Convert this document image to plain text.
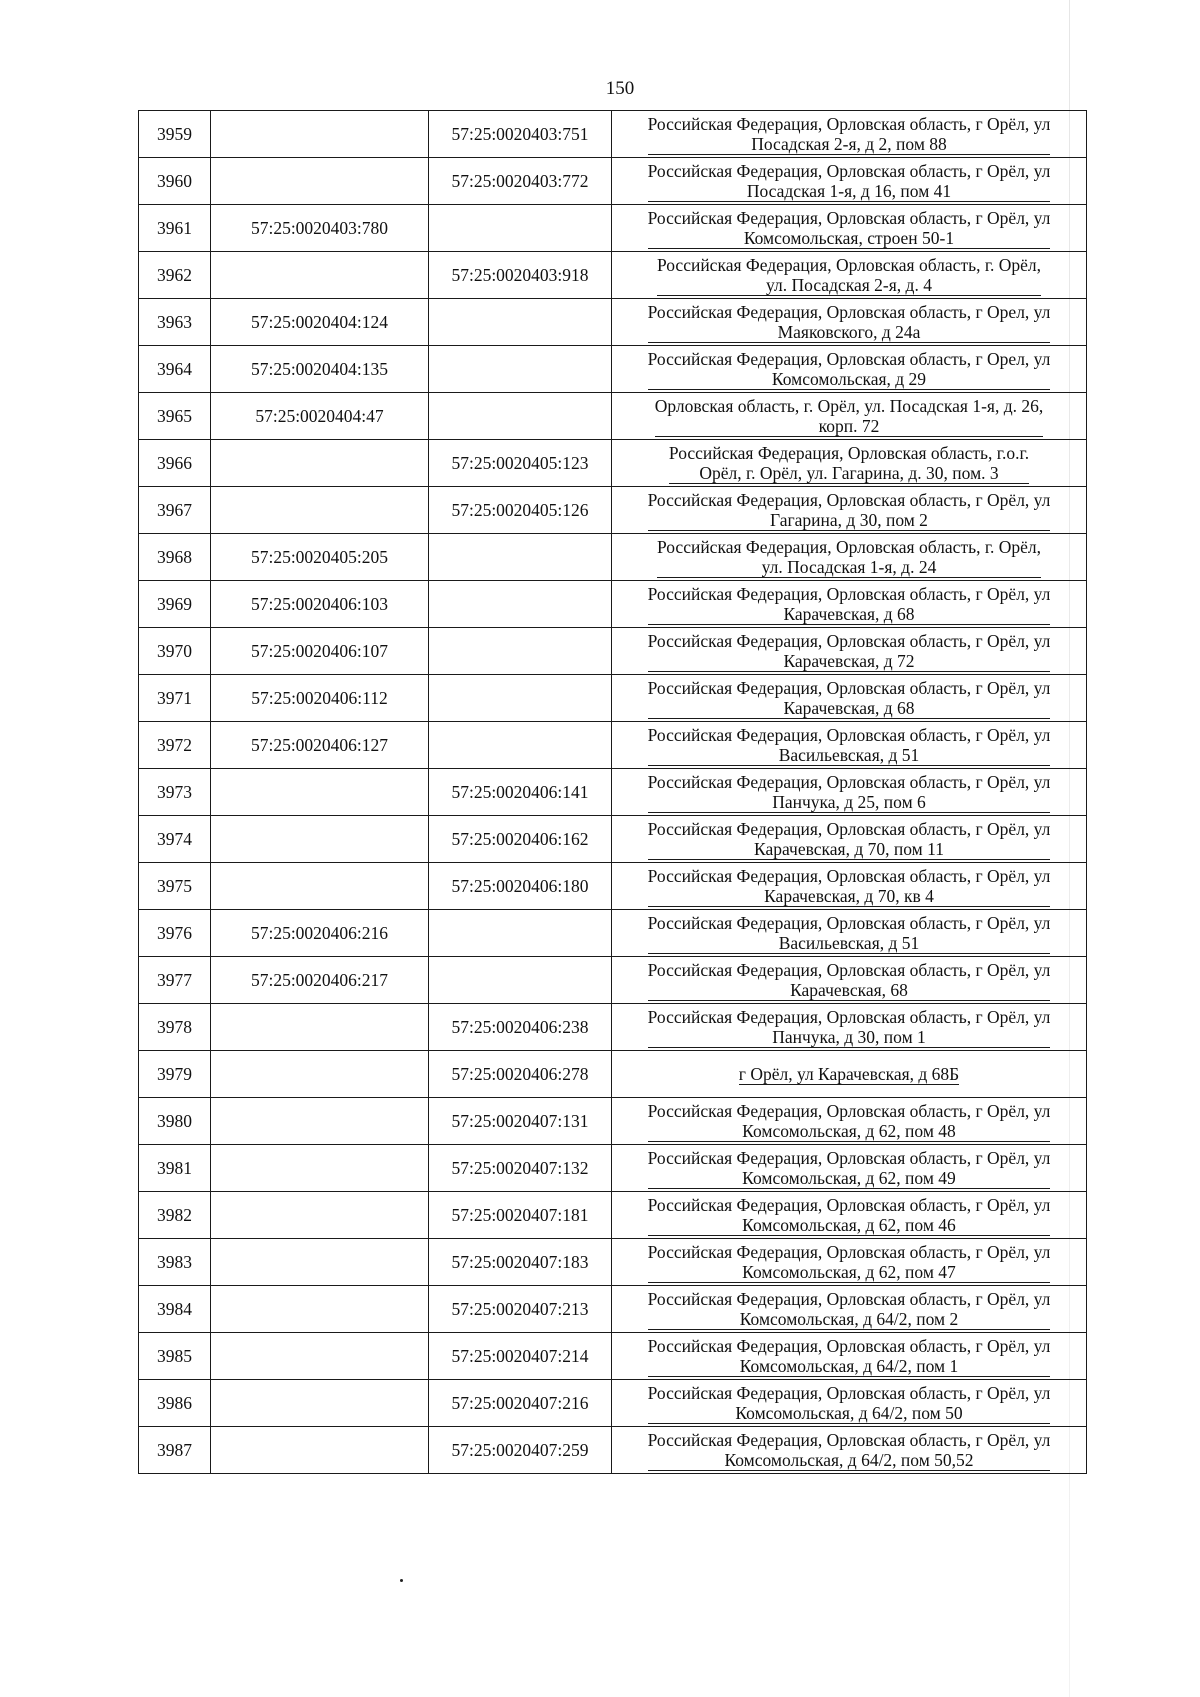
150
3959		57:25:0020403:751	Российская Федерация, Орловская область, г Орёл, ул
Посадская 2-я, д 2, пом 88
3960		57:25:0020403:772	Российская Федерация, Орловская область, г Орёл, ул
Посадская 1-я, д 16, пом 41
3961	57:25:0020403:780		Российская Федерация, Орловская область, г Орёл, ул
Комсомольская, строен 50-1
3962		57:25:0020403:918	Российская Федерация, Орловская область, г. Орёл,
ул. Посадская 2-я, д. 4
3963	57:25:0020404:124		Российская Федерация, Орловская область, г Орел, ул
Маяковского, д 24а
3964	57:25:0020404:135		Российская Федерация, Орловская область, г Орел, ул
Комсомольская, д 29
3965	57:25:0020404:47		Орловская область, г. Орёл, ул. Посадская 1-я, д. 26,
корп. 72
3966		57:25:0020405:123	Российская Федерация, Орловская область, г.о.г.
Орёл, г. Орёл, ул. Гагарина, д. 30, пом. 3
3967		57:25:0020405:126	Российская Федерация, Орловская область, г Орёл, ул
Гагарина, д 30, пом 2
3968	57:25:0020405:205		Российская Федерация, Орловская область, г. Орёл,
ул. Посадская 1-я, д. 24
3969	57:25:0020406:103		Российская Федерация, Орловская область, г Орёл, ул
Карачевская, д 68
3970	57:25:0020406:107		Российская Федерация, Орловская область, г Орёл, ул
Карачевская, д 72
3971	57:25:0020406:112		Российская Федерация, Орловская область, г Орёл, ул
Карачевская, д 68
3972	57:25:0020406:127		Российская Федерация, Орловская область, г Орёл, ул
Васильевская, д 51
3973		57:25:0020406:141	Российская Федерация, Орловская область, г Орёл, ул
Панчука, д 25, пом 6
3974		57:25:0020406:162	Российская Федерация, Орловская область, г Орёл, ул
Карачевская, д 70, пом 11
3975		57:25:0020406:180	Российская Федерация, Орловская область, г Орёл, ул
Карачевская, д 70, кв 4
3976	57:25:0020406:216		Российская Федерация, Орловская область, г Орёл, ул
Васильевская, д 51
3977	57:25:0020406:217		Российская Федерация, Орловская область, г Орёл, ул
Карачевская, 68
3978		57:25:0020406:238	Российская Федерация, Орловская область, г Орёл, ул
Панчука, д 30, пом 1
3979		57:25:0020406:278	г Орёл, ул Карачевская, д 68Б
3980		57:25:0020407:131	Российская Федерация, Орловская область, г Орёл, ул
Комсомольская, д 62, пом 48
3981		57:25:0020407:132	Российская Федерация, Орловская область, г Орёл, ул
Комсомольская, д 62, пом 49
3982		57:25:0020407:181	Российская Федерация, Орловская область, г Орёл, ул
Комсомольская, д 62, пом 46
3983		57:25:0020407:183	Российская Федерация, Орловская область, г Орёл, ул
Комсомольская, д 62, пом 47
3984		57:25:0020407:213	Российская Федерация, Орловская область, г Орёл, ул
Комсомольская, д 64/2, пом 2
3985		57:25:0020407:214	Российская Федерация, Орловская область, г Орёл, ул
Комсомольская, д 64/2, пом 1
3986		57:25:0020407:216	Российская Федерация, Орловская область, г Орёл, ул
Комсомольская, д 64/2, пом 50
3987		57:25:0020407:259	Российская Федерация, Орловская область, г Орёл, ул
Комсомольская, д 64/2, пом 50,52
